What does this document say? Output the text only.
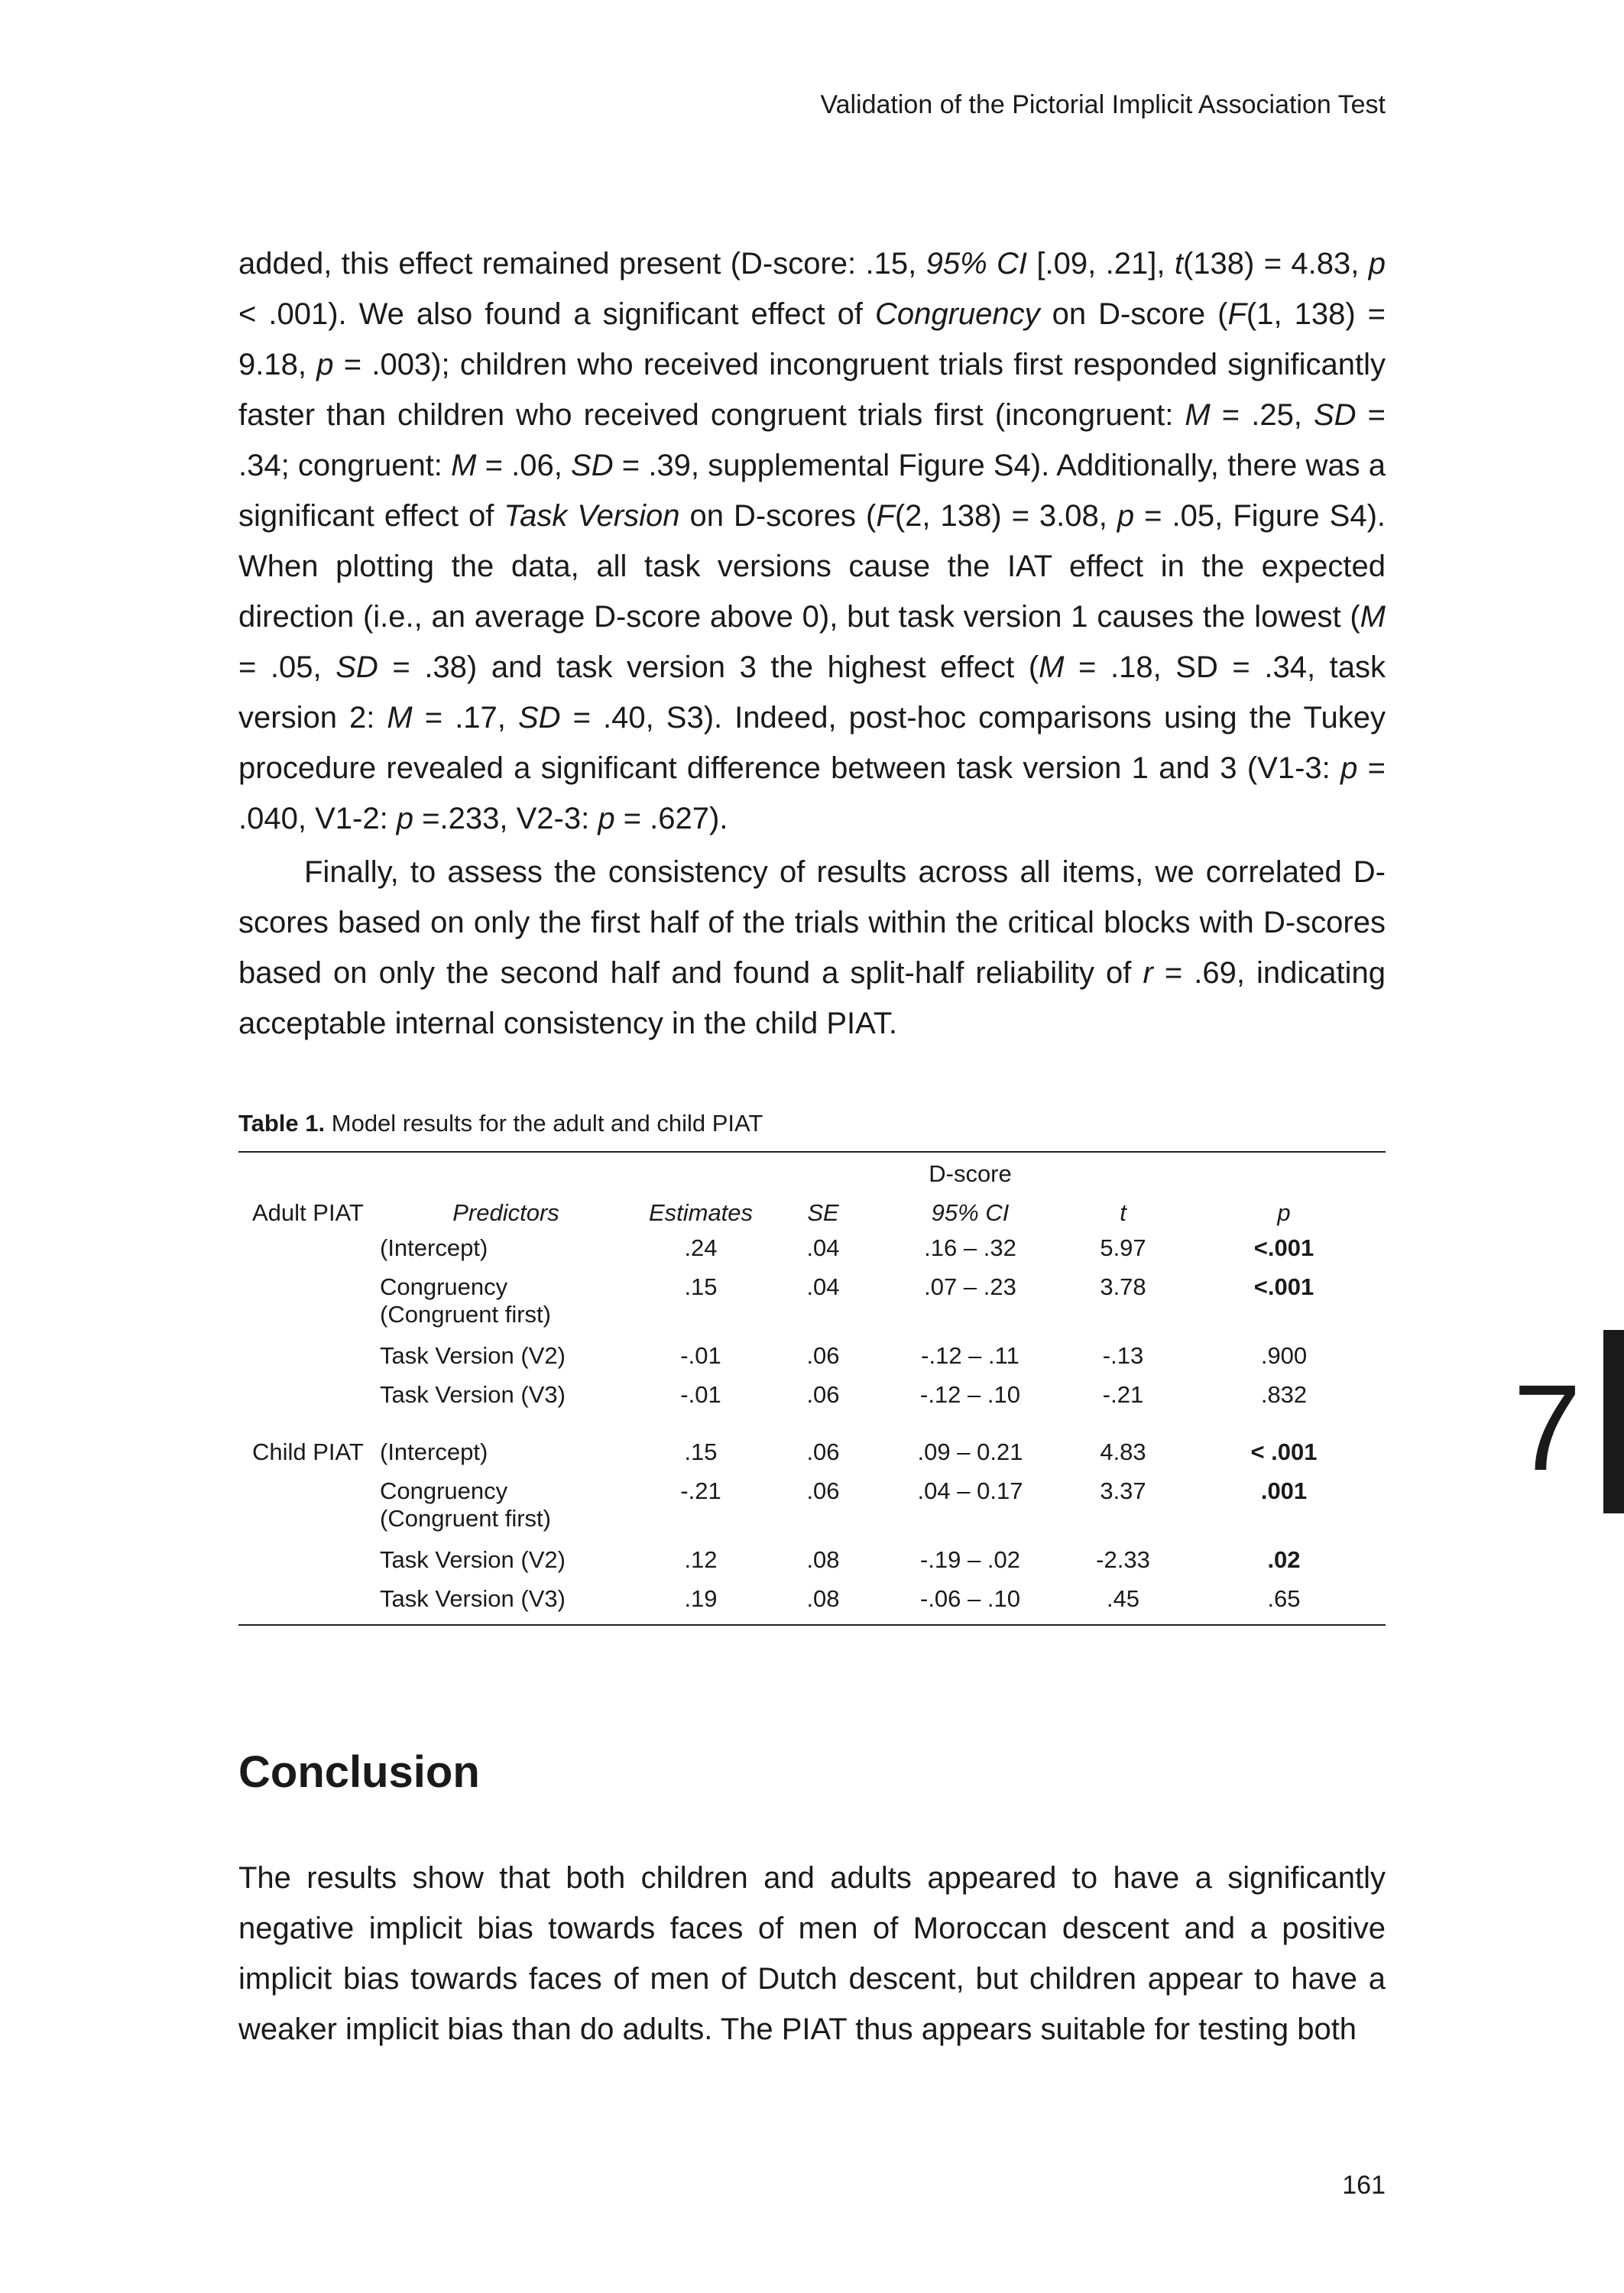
Validation of the Pictorial Implicit Association Test

added, this effect remained present (D-score: .15, 95% CI [.09, .21], t(138) = 4.83, p < .001). We also found a significant effect of Congruency on D-score (F(1, 138) = 9.18, p = .003); children who received incongruent trials first responded significantly faster than children who received congruent trials first (incongruent: M = .25, SD = .34; congruent: M = .06, SD = .39, supplemental Figure S4). Additionally, there was a significant effect of Task Version on D-scores (F(2, 138) = 3.08, p = .05, Figure S4). When plotting the data, all task versions cause the IAT effect in the expected direction (i.e., an average D-score above 0), but task version 1 causes the lowest (M = .05, SD = .38) and task version 3 the highest effect (M = .18, SD = .34, task version 2: M = .17, SD = .40, S3). Indeed, post-hoc comparisons using the Tukey procedure revealed a significant difference between task version 1 and 3 (V1-3: p = .040, V1-2: p =.233, V2-3: p = .627).

Finally, to assess the consistency of results across all items, we correlated D-scores based on only the first half of the trials within the critical blocks with D-scores based on only the second half and found a split-half reliability of r = .69, indicating acceptable internal consistency in the child PIAT.

Table 1. Model results for the adult and child PIAT
				D-score		
Adult PIAT	Predictors	Estimates	SE	95% CI	t	p

	(Intercept)	.24	.04	.16 – .32	5.97	<.001

	Congruency
(Congruent first)	.15	.04	.07 – .23	3.78	<.001

	Task Version (V2)	-.01	.06	-.12 – .11	-.13	.900

	Task Version (V3)	-.01	.06	-.12 – .10	-.21	.832

Child PIAT	(Intercept)	.15	.06	.09 – 0.21	4.83	< .001

	Congruency
(Congruent first)	-.21	.06	.04 – 0.17	3.37	.001

	Task Version (V2)	.12	.08	-.19 – .02	-2.33	.02

	Task Version (V3)	.19	.08	-.06 – .10	.45	.65
Conclusion

The results show that both children and adults appeared to have a significantly negative implicit bias towards faces of men of Moroccan descent and a positive implicit bias towards faces of men of Dutch descent, but children appear to have a weaker implicit bias than do adults. The PIAT thus appears suitable for testing both

7
161
